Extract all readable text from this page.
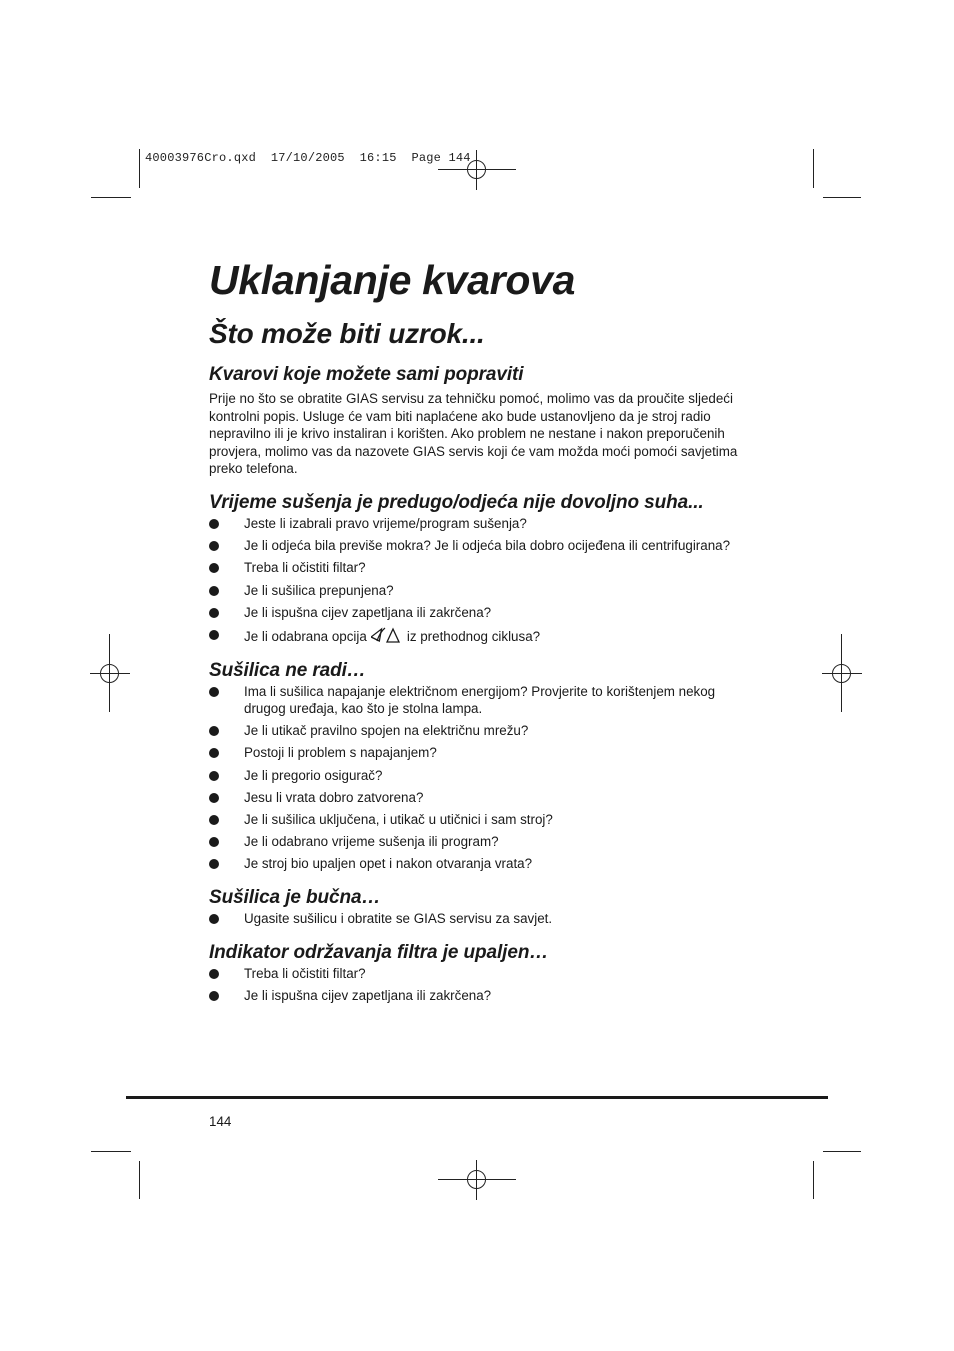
40003976Cro.qxd  17/10/2005  16:15  Page 144
Uklanjanje kvarova
Što može biti uzrok...
Kvarovi koje možete sami popraviti

Prije no što se obratite GIAS servisu za tehničku pomoć, molimo vas da proučite sljedeći kontrolni popis. Usluge će vam biti naplaćene ako bude ustanovljeno da je stroj radio nepravilno ili je krivo instaliran i korišten. Ako problem ne nestane i nakon preporučenih provjera, molimo vas da nazovete GIAS servis koji će vam možda moći pomoći savjetima preko telefona.

Vrijeme sušenja je predugo/odjeća nije dovoljno suha...
Jeste li izabrali pravo vrijeme/program sušenja?
Je li odjeća bila previše mokra? Je li odjeća bila dobro ocijeđena ili centrifugirana?
Treba li očistiti filtar?
Je li sušilica prepunjena?
Je li ispušna cijev zapetljana ili zakrčena?
Je li odabrana opcija	iz prethodnog ciklusa?
Sušilica ne radi…
Ima li sušilica napajanje električnom energijom? Provjerite to korištenjem nekog drugog uređaja, kao što je stolna lampa.
Je li utikač pravilno spojen na električnu mrežu?
Postoji li problem s napajanjem?
Je li pregorio osigurač?
Jesu li vrata dobro zatvorena?
Je li sušilica uključena, i utikač u utičnici i sam stroj?
Je li odabrano vrijeme sušenja ili program?
Je stroj bio upaljen opet i nakon otvaranja vrata?
Sušilica je bučna…
Ugasite sušilicu i obratite se GIAS servisu za savjet.
Indikator održavanja filtra je upaljen…
Treba li očistiti filtar?
Je li ispušna cijev zapetljana ili zakrčena?
144
